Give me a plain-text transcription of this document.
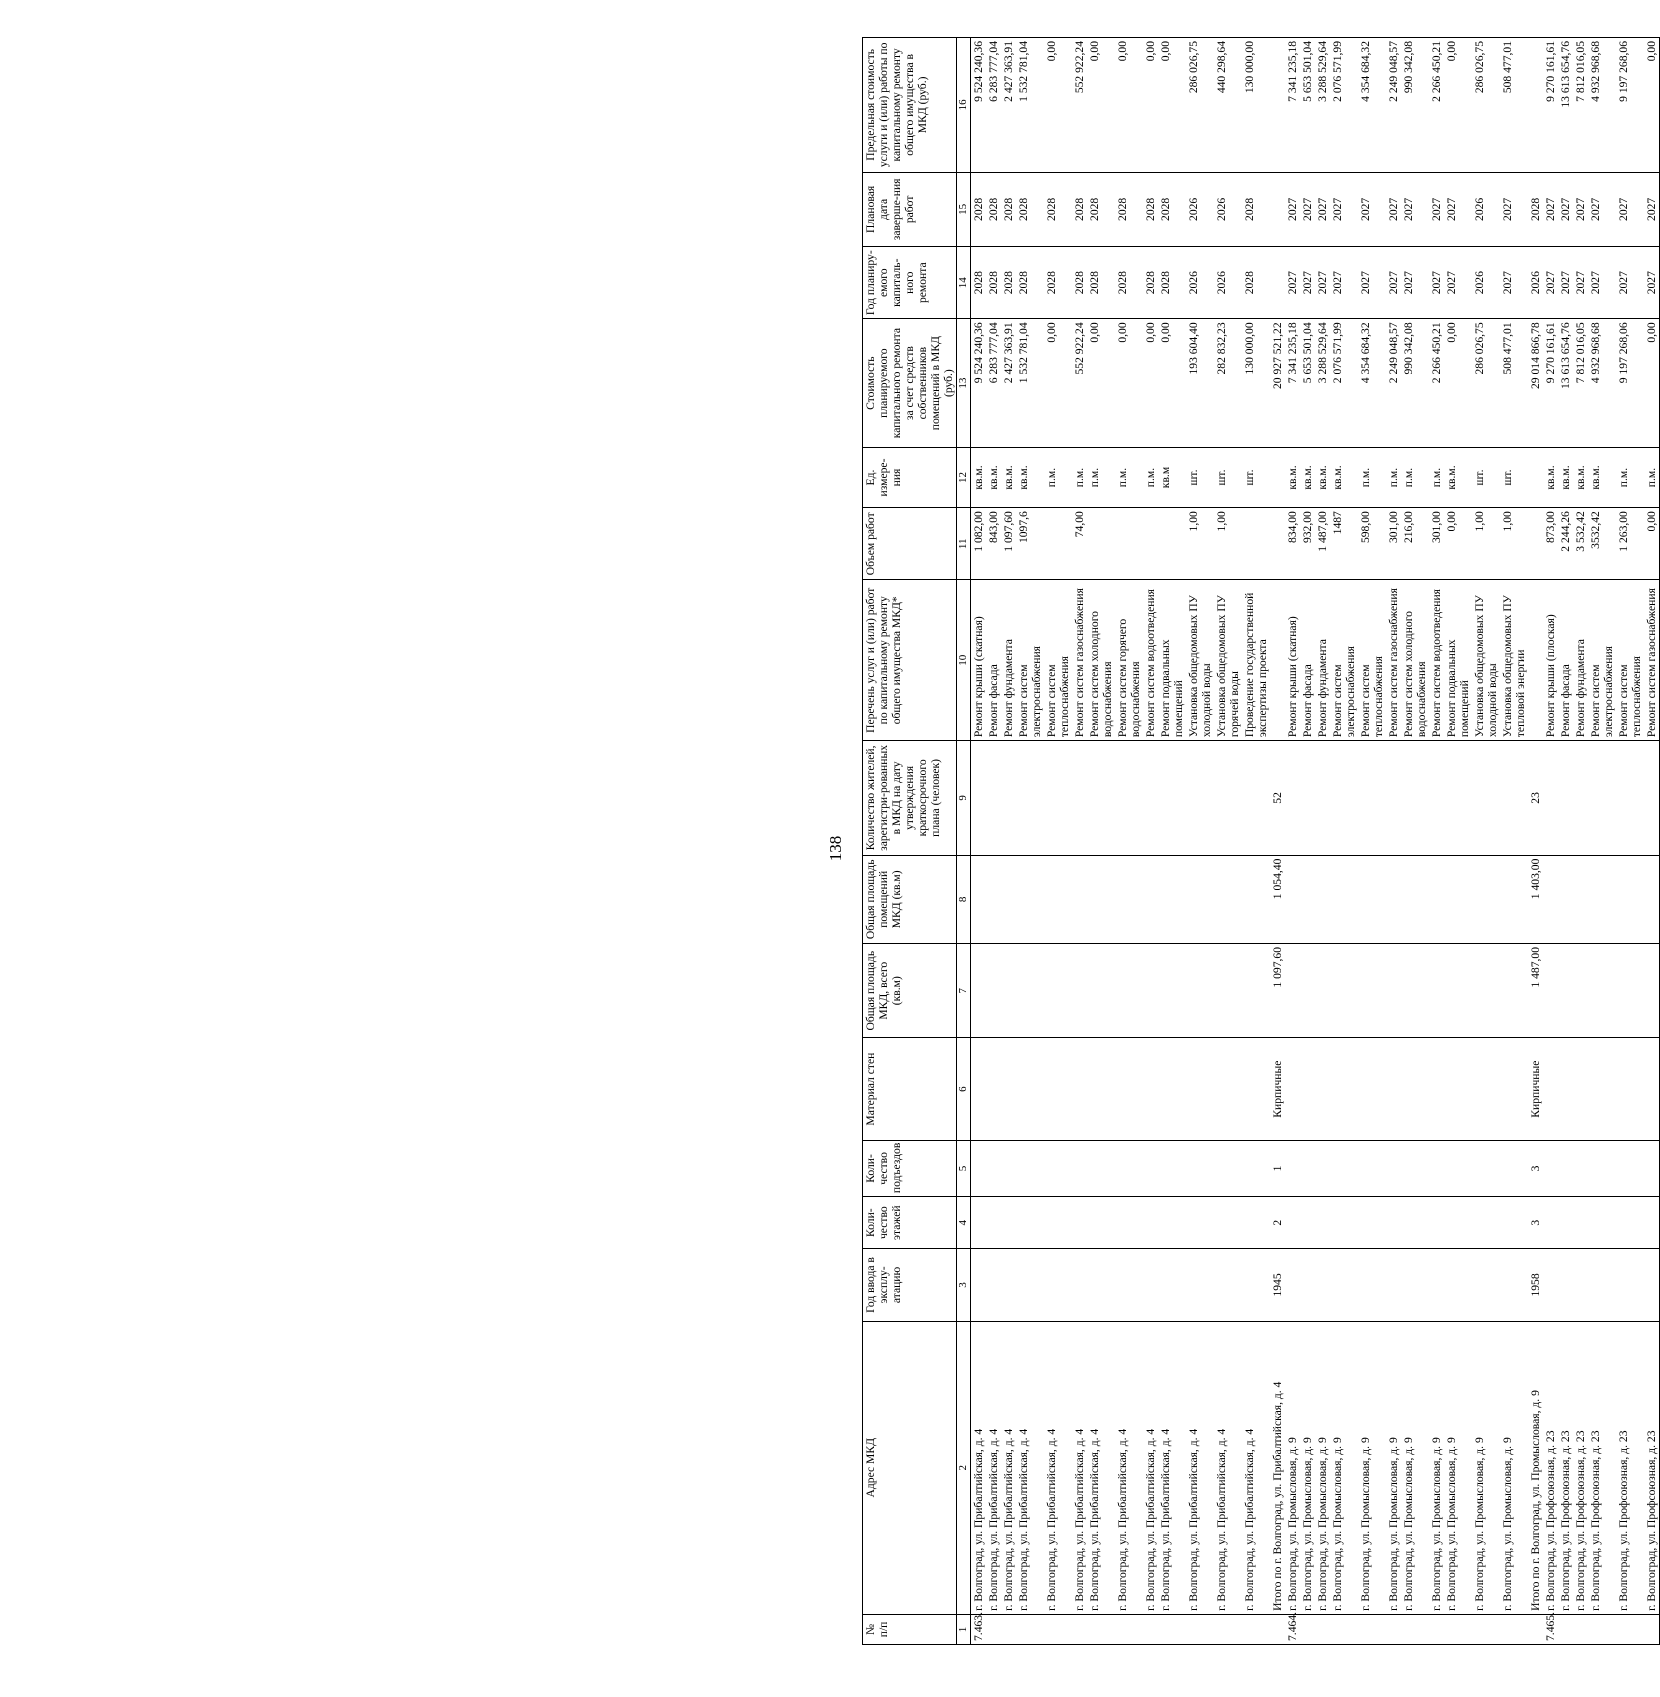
138
№ п/п	Адрес МКД	Год ввода в эксплу-атацию	Коли-чество этажей	Коли-чество подъездов	Материал стен	Общая площадь МКД, всего (кв.м)	Общая площадь помещений МКД (кв.м)	Количество жителей, зарегистри-рованных в МКД на дату утверждения краткосрочного плана (человек)	Перечень услуг и (или) работ по капитальному ремонту общего имущества МКД*	Объем работ	Ед. измере-ния	Стоимость планируемого капитального ремонта за счет средств собственников помещений в МКД (руб.)	Год планиру-емого капиталь-ного ремонта	Плановая дата заверше-ния работ	Предельная стоимость услуги и (или) работы по капитальному ремонту общего имущества в МКД (руб.)
1	2	3	4	5	6	7	8	9	10	11	12	13	14	15	16
7.463.	г. Волгоград, ул. Прибалтийская, д. 4								Ремонт крыши (скатная)	1 082,00	кв.м.	9 524 240,36	2028	2028	9 524 240,36
	г. Волгоград, ул. Прибалтийская, д. 4								Ремонт фасада	843,00	кв.м.	6 283 777,04	2028	2028	6 283 777,04
	г. Волгоград, ул. Прибалтийская, д. 4								Ремонт фундамента	1 097,60	кв.м.	2 427 363,91	2028	2028	2 427 363,91
	г. Волгоград, ул. Прибалтийская, д. 4								Ремонт систем электроснабжения	1097,6	кв.м.	1 532 781,04	2028	2028	1 532 781,04
	г. Волгоград, ул. Прибалтийская, д. 4								Ремонт систем теплоснабжения		п.м.	0,00	2028	2028	0,00
	г. Волгоград, ул. Прибалтийская, д. 4								Ремонт систем газоснабжения	74,00	п.м.	552 922,24	2028	2028	552 922,24
	г. Волгоград, ул. Прибалтийская, д. 4								Ремонт систем холодного водоснабжения		п.м.	0,00	2028	2028	0,00
	г. Волгоград, ул. Прибалтийская, д. 4								Ремонт систем горячего водоснабжения		п.м.	0,00	2028	2028	0,00
	г. Волгоград, ул. Прибалтийская, д. 4								Ремонт систем водоотведения		п.м.	0,00	2028	2028	0,00
	г. Волгоград, ул. Прибалтийская, д. 4								Ремонт подвальных помещений		кв.м	0,00	2028	2028	0,00
	г. Волгоград, ул. Прибалтийская, д. 4								Установка общедомовых ПУ холодной воды	1,00	шт.	193 604,40	2026	2026	286 026,75
	г. Волгоград, ул. Прибалтийская, д. 4								Установка общедомовых ПУ горячей воды	1,00	шт.	282 832,23	2026	2026	440 298,64
	г. Волгоград, ул. Прибалтийская, д. 4								Проведение государственной экспертизы проекта		шт.	130 000,00	2028	2028	130 000,00
	Итого по г. Волгоград, ул. Прибалтийская, д. 4	1945	2	1	Кирпичные	1 097,60	1 054,40	52				20 927 521,22			
7.464.	г. Волгоград, ул. Промысловая, д. 9								Ремонт крыши (скатная)	834,00	кв.м.	7 341 235,18	2027	2027	7 341 235,18
	г. Волгоград, ул. Промысловая, д. 9								Ремонт фасада	932,00	кв.м.	5 653 501,04	2027	2027	5 653 501,04
	г. Волгоград, ул. Промысловая, д. 9								Ремонт фундамента	1 487,00	кв.м.	3 288 529,64	2027	2027	3 288 529,64
	г. Волгоград, ул. Промысловая, д. 9								Ремонт систем электроснабжения	1487	кв.м.	2 076 571,99	2027	2027	2 076 571,99
	г. Волгоград, ул. Промысловая, д. 9								Ремонт систем теплоснабжения	598,00	п.м.	4 354 684,32	2027	2027	4 354 684,32
	г. Волгоград, ул. Промысловая, д. 9								Ремонт систем газоснабжения	301,00	п.м.	2 249 048,57	2027	2027	2 249 048,57
	г. Волгоград, ул. Промысловая, д. 9								Ремонт систем холодного водоснабжения	216,00	п.м.	990 342,08	2027	2027	990 342,08
	г. Волгоград, ул. Промысловая, д. 9								Ремонт систем водоотведения	301,00	п.м.	2 266 450,21	2027	2027	2 266 450,21
	г. Волгоград, ул. Промысловая, д. 9								Ремонт подвальных помещений	0,00	кв.м.	0,00	2027	2027	0,00
	г. Волгоград, ул. Промысловая, д. 9								Установка общедомовых ПУ холодной воды	1,00	шт.	286 026,75	2026	2026	286 026,75
	г. Волгоград, ул. Промысловая, д. 9								Установка общедомовых ПУ тепловой энергии	1,00	шт.	508 477,01	2027	2027	508 477,01
	Итого по г. Волгоград, ул. Промысловая, д. 9	1958	3	3	Кирпичные	1 487,00	1 403,00	23				29 014 866,78	2026	2028	
7.465.	г. Волгоград, ул. Профсоюзная, д. 23								Ремонт крыши (плоская)	873,00	кв.м.	9 270 161,61	2027	2027	9 270 161,61
	г. Волгоград, ул. Профсоюзная, д. 23								Ремонт фасада	2 244,26	кв.м.	13 613 654,76	2027	2027	13 613 654,76
	г. Волгоград, ул. Профсоюзная, д. 23								Ремонт фундамента	3 532,42	кв.м.	7 812 016,05	2027	2027	7 812 016,05
	г. Волгоград, ул. Профсоюзная, д. 23								Ремонт систем электроснабжения	3532,42	кв.м.	4 932 968,68	2027	2027	4 932 968,68
	г. Волгоград, ул. Профсоюзная, д. 23								Ремонт систем теплоснабжения	1 263,00	п.м.	9 197 268,06	2027	2027	9 197 268,06
	г. Волгоград, ул. Профсоюзная, д. 23								Ремонт систем газоснабжения	0,00	п.м.	0,00	2027	2027	0,00
